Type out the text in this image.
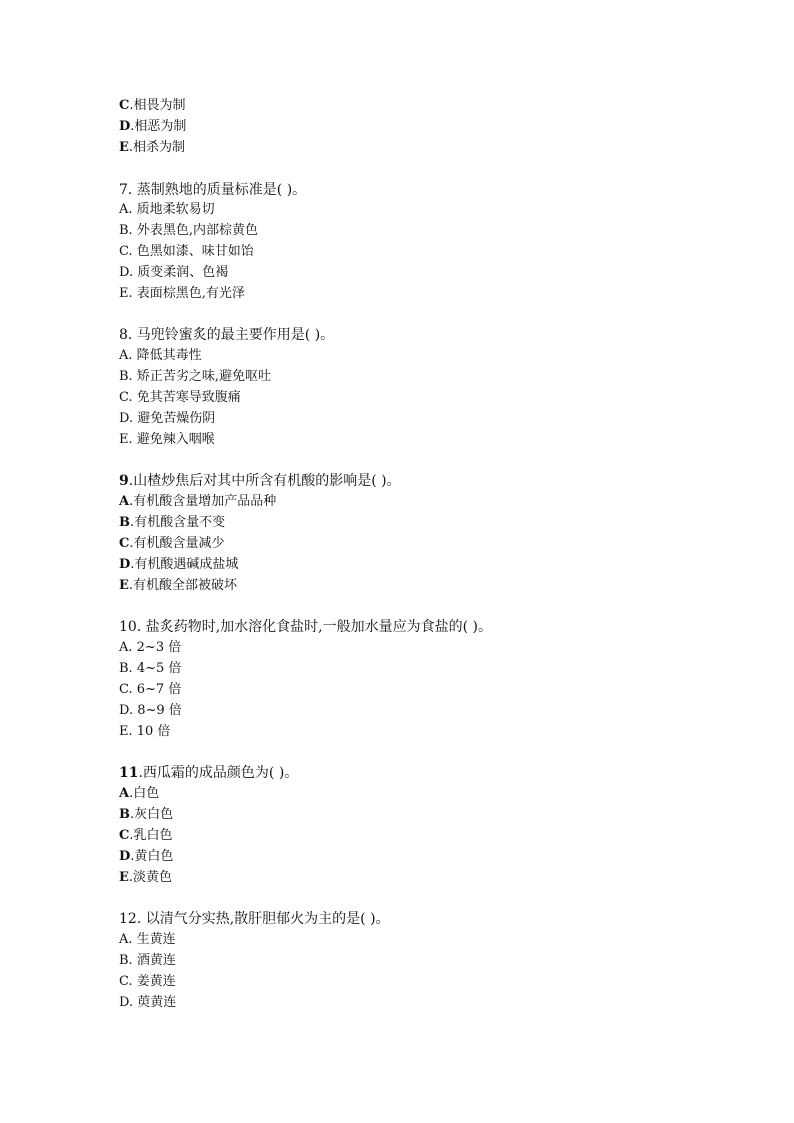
C.相畏为制
D.相恶为制
E.相杀为制
7. 蒸制熟地的质量标准是( )。
A. 质地柔软易切
B. 外表黑色,内部棕黄色
C. 色黑如漆、味甘如饴
D. 质变柔润、色褐
E. 表面棕黑色,有光泽
8. 马兜铃蜜炙的最主要作用是( )。
A. 降低其毒性
B. 矫正苦劣之味,避免呕吐
C. 免其苦寒导致腹痛
D. 避免苦燥伤阴
E. 避免辣入咽喉
9.山楂炒焦后对其中所含有机酸的影响是( )。
A.有机酸含量增加产品品种
B.有机酸含量不变
C.有机酸含量减少
D.有机酸遇碱成盐城
E.有机酸全部被破坏
10. 盐炙药物时,加水溶化食盐时,一般加水量应为食盐的( )。
A. 2~3 倍
B. 4~5 倍
C. 6~7 倍
D. 8~9 倍
E. 10 倍
11.西瓜霜的成品颜色为( )。
A.白色
B.灰白色
C.乳白色
D.黄白色
E.淡黄色
12. 以清气分实热,散肝胆郁火为主的是( )。
A. 生黄连
B. 酒黄连
C. 姜黄连
D. 萸黄连
